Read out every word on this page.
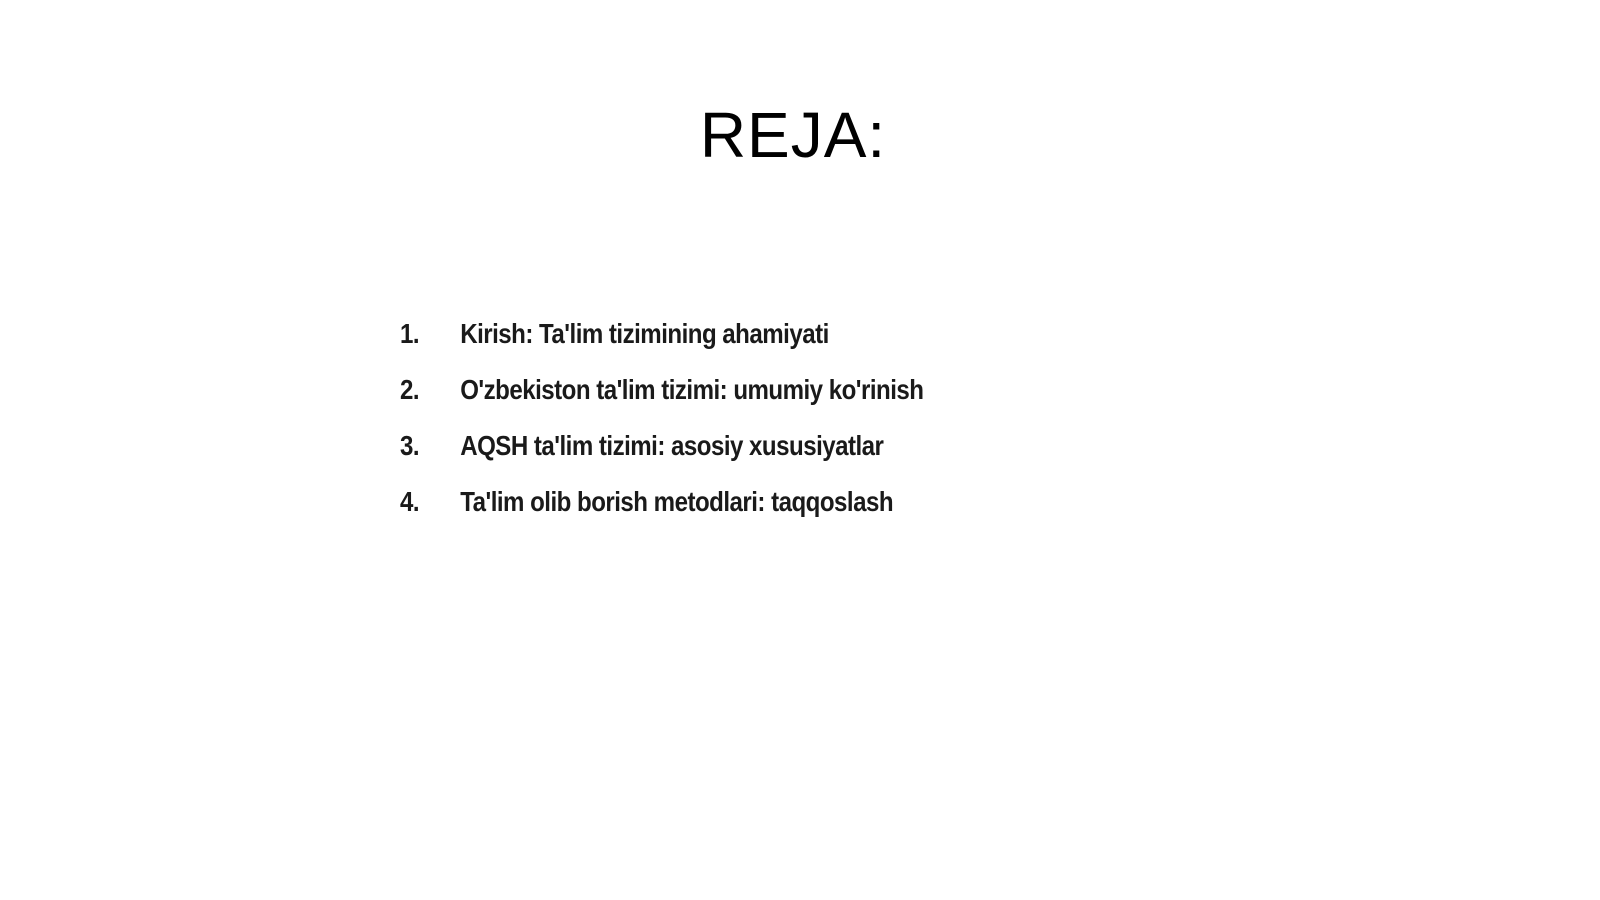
REJA:
1.	Kirish: Ta'lim tizimining ahamiyati
2.	O'zbekiston ta'lim tizimi: umumiy ko'rinish
3.	AQSH ta'lim tizimi: asosiy xususiyatlar
4.	Ta'lim olib borish metodlari: taqqoslash
